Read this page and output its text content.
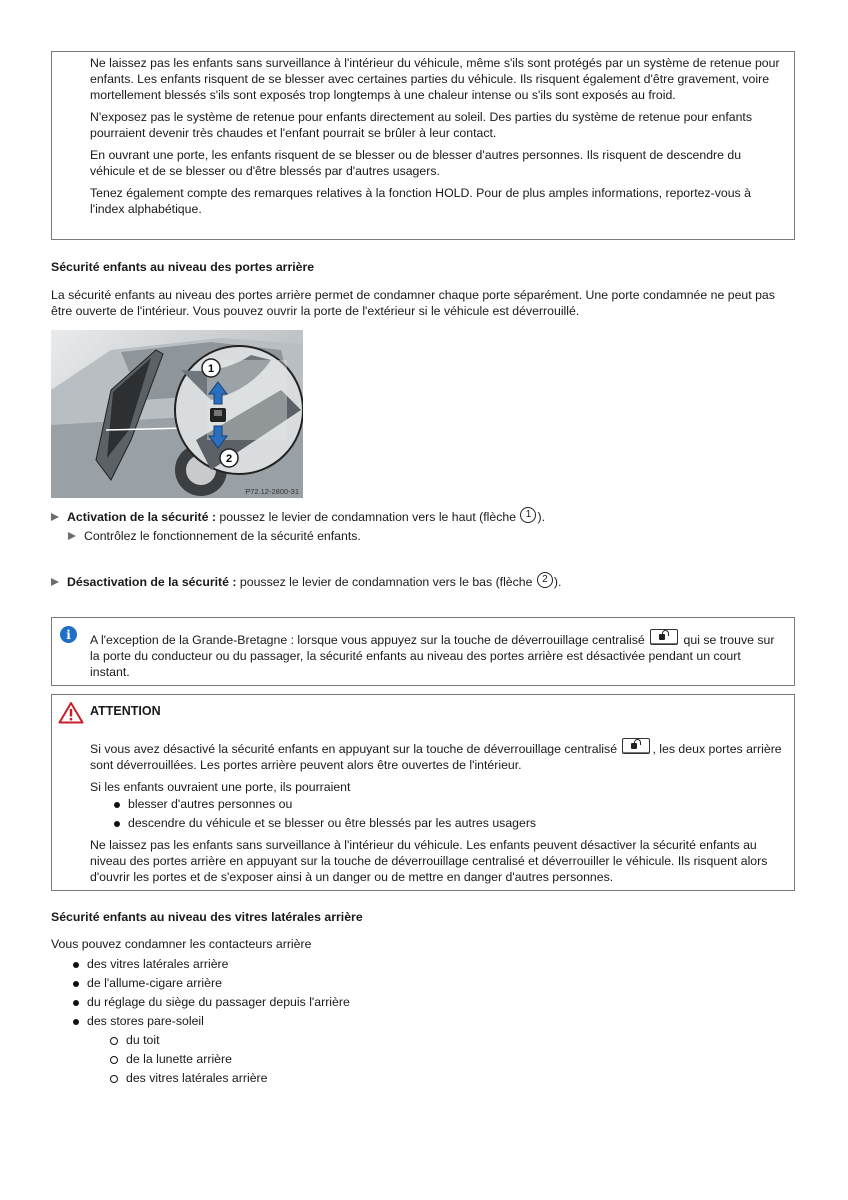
Ne laissez pas les enfants sans surveillance à l'intérieur du véhicule, même s'ils sont protégés par un système de retenue pour enfants. Les enfants risquent de se blesser avec certaines parties du véhicule. Ils risquent également d'être gravement, voire mortellement blessés s'ils sont exposés trop longtemps à une chaleur intense ou s'ils sont exposés au froid.

N'exposez pas le système de retenue pour enfants directement au soleil. Des parties du système de retenue pour enfants pourraient devenir très chaudes et l'enfant pourrait se brûler à leur contact.

En ouvrant une porte, les enfants risquent de se blesser ou de blesser d'autres personnes. Ils risquent de descendre du véhicule et de se blesser ou d'être blessés par d'autres usagers.

Tenez également compte des remarques relatives à la fonction HOLD. Pour de plus amples informations, reportez-vous à l'index alphabétique.

Sécurité enfants au niveau des portes arrière

La sécurité enfants au niveau des portes arrière permet de condamner chaque porte séparément. Une porte condamnée ne peut pas être ouverte de l'intérieur. Vous pouvez ouvrir la porte de l'extérieur si le véhicule est déverrouillé.

1
2
P72.12-2800-31
Activation de la sécurité : poussez le levier de condamnation vers le haut (flèche 1 ).
Contrôlez le fonctionnement de la sécurité enfants.
Désactivation de la sécurité : poussez le levier de condamnation vers le bas (flèche 2 ).
i	A l'exception de la Grande-Bretagne : lorsque vous appuyez sur la touche de déverrouillage centralisé	qui se trouve sur la porte du conducteur ou du passager, la sécurité enfants au niveau des portes arrière est désactivée pendant un court instant.

ATTENTION

Si vous avez désactivé la sécurité enfants en appuyant sur la touche de déverrouillage centralisé	, les deux portes arrière sont déverrouillées. Les portes arrière peuvent alors être ouvertes de l'intérieur.

Si les enfants ouvraient une porte, ils pourraient

blesser d'autres personnes ou
descendre du véhicule et se blesser ou être blessés par les autres usagers

Ne laissez pas les enfants sans surveillance à l'intérieur du véhicule. Les enfants peuvent désactiver la sécurité enfants au niveau des portes arrière en appuyant sur la touche de déverrouillage centralisé et déverrouiller le véhicule. Ils risquent alors d'ouvrir les portes et de s'exposer ainsi à un danger ou de mettre en danger d'autres personnes.

Sécurité enfants au niveau des vitres latérales arrière

Vous pouvez condamner les contacteurs arrière

des vitres latérales arrière
de l'allume-cigare arrière
du réglage du siège du passager depuis l'arrière
des stores pare-soleil
du toit
de la lunette arrière
des vitres latérales arrière
